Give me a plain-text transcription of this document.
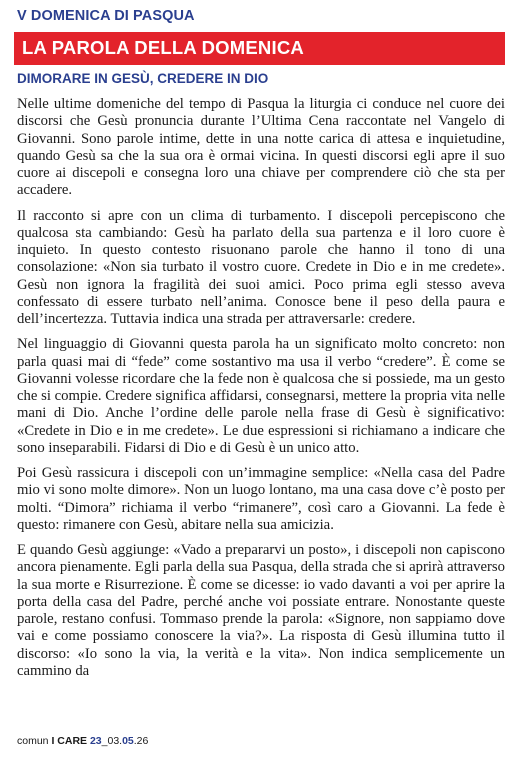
V DOMENICA DI PASQUA
LA PAROLA DELLA DOMENICA
DIMORARE IN GESÙ, CREDERE IN DIO

Nelle ultime domeniche del tempo di Pasqua la liturgia ci conduce nel cuore dei discorsi che Gesù pronuncia durante l’Ultima Cena raccontate nel Vangelo di Giovanni. Sono parole intime, dette in una notte carica di attesa e inquietudine, quando Gesù sa che la sua ora è ormai vicina. In questi discorsi egli apre il suo cuore ai discepoli e consegna loro una chiave per comprendere ciò che sta per accadere.

Il racconto si apre con un clima di turbamento. I discepoli percepiscono che qualcosa sta cambiando: Gesù ha parlato della sua partenza e il loro cuore è inquieto. In questo contesto risuonano parole che hanno il tono di una consolazione: «Non sia turbato il vostro cuore. Credete in Dio e in me credete». Gesù non ignora la fragilità dei suoi amici. Poco prima egli stesso aveva confessato di essere turbato nell’anima. Conosce bene il peso della paura e dell’incertezza. Tuttavia indica una strada per attraversarle: credere.

Nel linguaggio di Giovanni questa parola ha un significato molto concreto: non parla quasi mai di “fede” come sostantivo ma usa il verbo “credere”. È come se Giovanni volesse ricordare che la fede non è qualcosa che si possiede, ma un gesto che si compie. Credere significa affidarsi, consegnarsi, mettere la propria vita nelle mani di Dio. Anche l’ordine delle parole nella frase di Gesù è significativo: «Credete in Dio e in me credete». Le due espressioni si richiamano a indicare che sono inseparabili. Fidarsi di Dio e di Gesù è un unico atto.

Poi Gesù rassicura i discepoli con un’immagine semplice: «Nella casa del Padre mio vi sono molte dimore». Non un luogo lontano, ma una casa dove c’è posto per molti. “Dimora” richiama il verbo “rimanere”, così caro a Giovanni. La fede è questo: rimanere con Gesù, abitare nella sua amicizia.

E quando Gesù aggiunge: «Vado a prepararvi un posto», i discepoli non capiscono ancora pienamente. Egli parla della sua Pasqua, della strada che si aprirà attraverso la sua morte e Risurrezione. È come se dicesse: io vado davanti a voi per aprire la porta della casa del Padre, perché anche voi possiate entrare. Nonostante queste parole, restano confusi. Tommaso prende la parola: «Signore, non sappiamo dove vai e come possiamo conoscere la via?». La risposta di Gesù illumina tutto il discorso: «Io sono la via, la verità e la vita». Non indica semplicemente un cammino da

comun I CARE 23_03.05.26
